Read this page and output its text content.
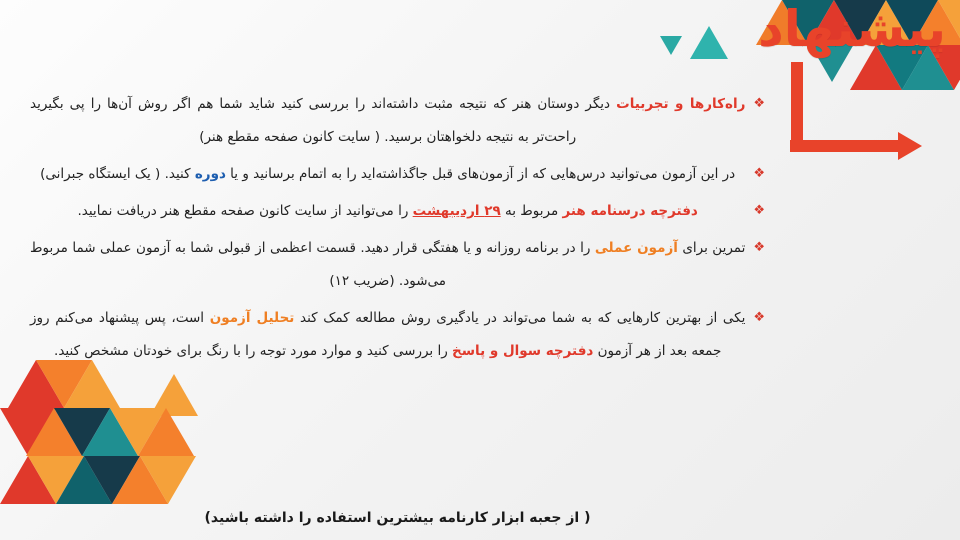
پیشنهاد
❖
راه‌کارها و تجربیات دیگر دوستان هنر که نتیجه مثبت داشته‌اند را بررسی کنید شاید شما هم اگر روش آن‌ها را پی بگیرید راحت‌تر به نتیجه دلخواهتان برسید. ( سایت کانون صفحه مقطع هنر)
❖
در این آزمون می‌توانید درس‌هایی که از آزمون‌های قبل جاگذاشته‌اید را به اتمام برسانید و یا دوره کنید. ( یک ایستگاه جبرانی)
❖
دفترچه درسنامه هنر مربوط به ۲۹ اردیبهشت را می‌توانید از سایت کانون صفحه مقطع هنر دریافت نمایید.
❖
تمرین برای آزمون عملی را در برنامه روزانه و یا هفتگی قرار دهید. قسمت اعظمی از قبولی شما به آزمون عملی شما مربوط می‌شود. (ضریب ۱۲)
❖
یکی از بهترین کارهایی که به شما می‌تواند در یادگیری روش مطالعه کمک کند تحلیل آزمون است، پس پیشنهاد می‌کنم روز جمعه بعد از هر آزمون دفترچه سوال و پاسخ را بررسی کنید و موارد مورد توجه را با رنگ برای خودتان مشخص کنید.
( از جعبه ابزار کارنامه بیشترین استفاده را داشته باشید)
